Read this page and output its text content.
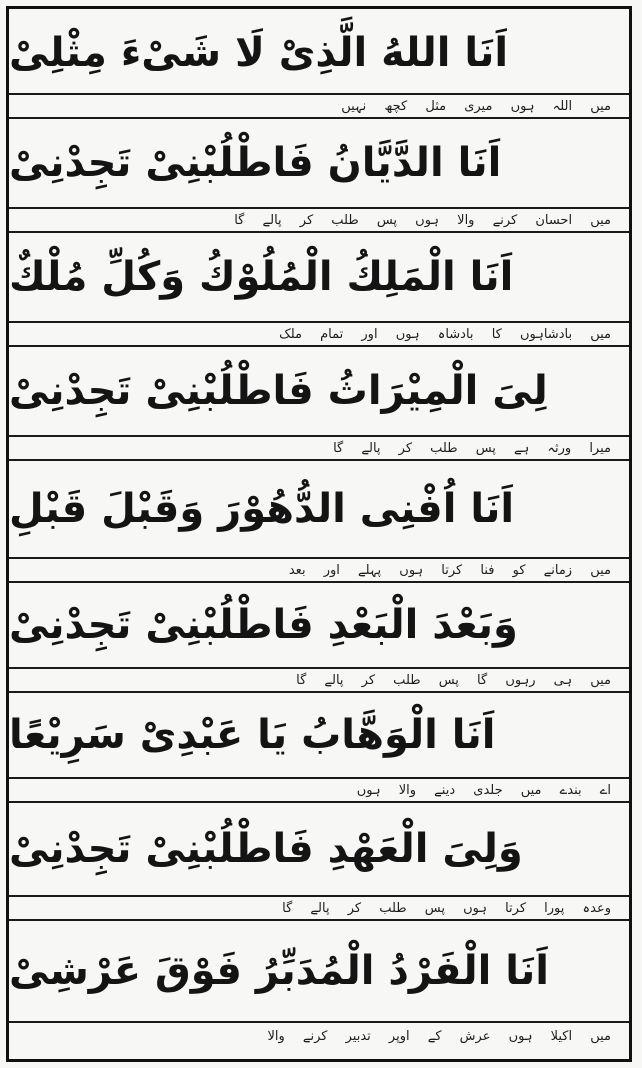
اَنَا اللهُ الَّذِیْ لَا شَیْءَ مِثْلِیْ
میں اللہ ہوں میری مثل کچھ نہیں
اَنَا الدَّیَّانُ فَاطْلُبْنِیْ تَجِدْنِیْ
میں احسان کرنے والا ہوں پس طلب کر پالے گا
اَنَا الْمَلِكُ الْمُلُوْكُ وَكُلِّ مُلْكٌ
میں بادشاہوں کا بادشاہ ہوں اور تمام ملک
لِیَ الْمِیْرَاثُ فَاطْلُبْنِیْ تَجِدْنِیْ
میرا ورثہ ہے پس طلب کر پالے گا
اَنَا اُفْنِی الدُّهُوْرَ وَقَبْلَ قَبْلِ
میں زمانے کو فنا کرتا ہوں پہلے اور بعد
وَبَعْدَ الْبَعْدِ فَاطْلُبْنِیْ تَجِدْنِیْ
میں ہی رہوں گا پس طلب کر پالے گا
اَنَا الْوَهَّابُ یَا عَبْدِیْ سَرِیْعًا
اے بندے میں جلدی دینے والا ہوں
وَلِیَ الْعَهْدِ فَاطْلُبْنِیْ تَجِدْنِیْ
وعدہ پورا کرتا ہوں پس طلب کر پالے گا
اَنَا الْفَرْدُ الْمُدَبِّرُ فَوْقَ عَرْشِیْ
میں اکیلا ہوں عرش کے اوپر تدبیر کرنے والا
